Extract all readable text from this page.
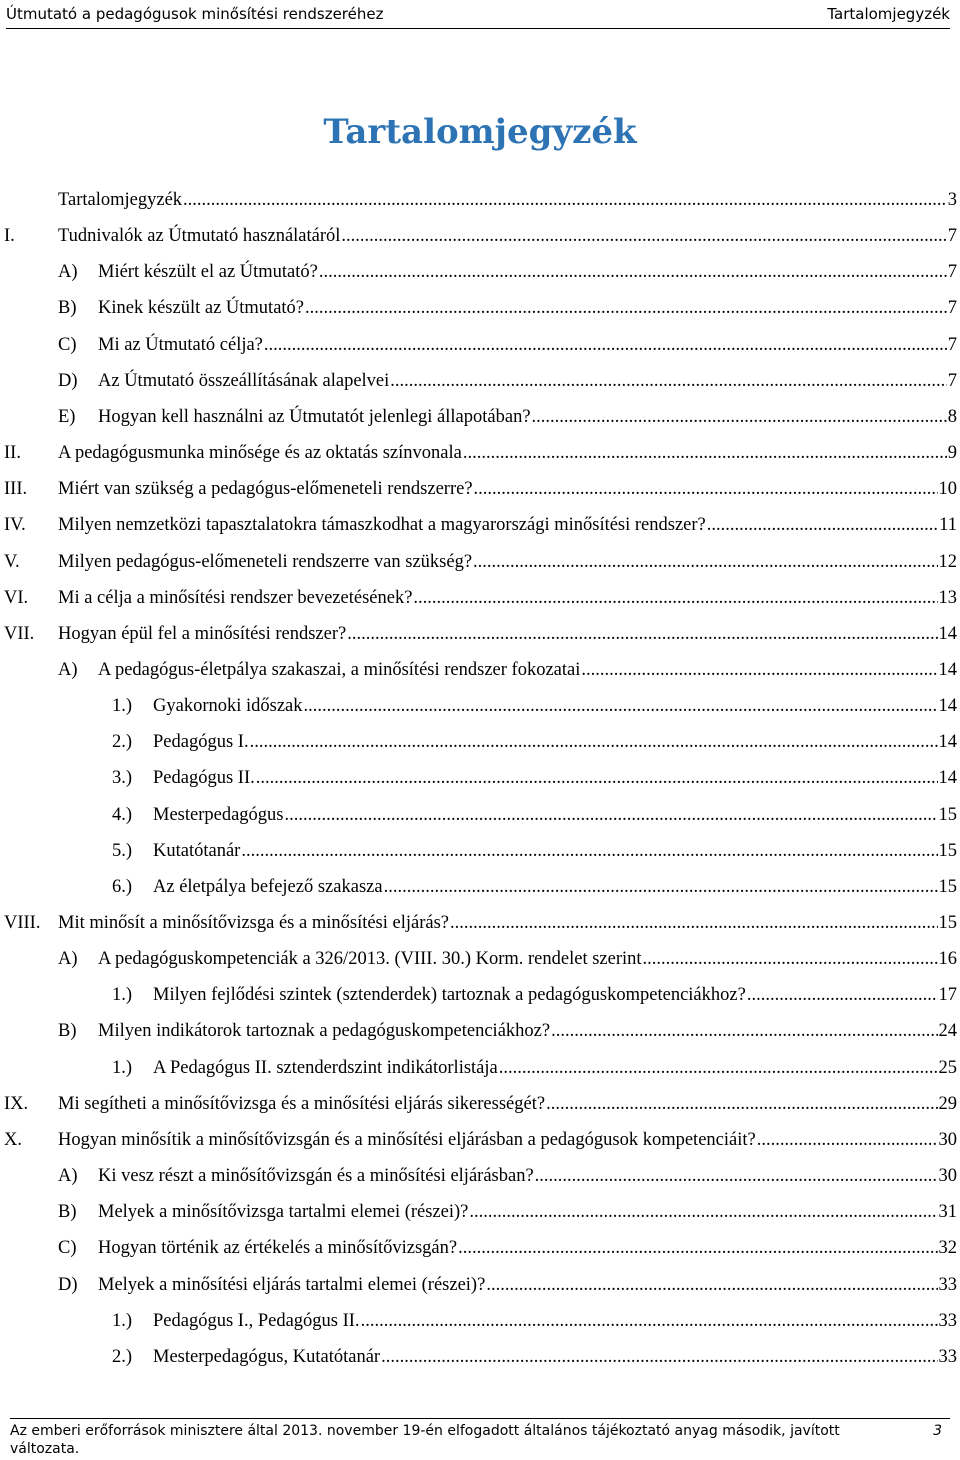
Útmutató a pedagógusok minősítési rendszeréhez	Tartalomjegyzék
Tartalomjegyzék
Tartalomjegyzék .....	3
I.	Tudnivalók az Útmutató használatáról .....	7
A)	Miért készült el az Útmutató? .....	7
B)	Kinek készült az Útmutató? .....	7
C)	Mi az Útmutató célja? .....	7
D)	Az Útmutató összeállításának alapelvei .....	7
E)	Hogyan kell használni az Útmutatót jelenlegi állapotában? .....	8
II.	A pedagógusmunka minősége és az oktatás színvonala .....	9
III.	Miért van szükség a pedagógus-előmeneteli rendszerre? .....	10
IV.	Milyen nemzetközi tapasztalatokra támaszkodhat a magyarországi minősítési rendszer? .....	11
V.	Milyen pedagógus-előmeneteli rendszerre van szükség? .....	12
VI.	Mi a célja a minősítési rendszer bevezetésének? .....	13
VII.	Hogyan épül fel a minősítési rendszer? .....	14
A)	A pedagógus-életpálya szakaszai, a minősítési rendszer fokozatai .....	14
1.)	Gyakornoki időszak .....	14
2.)	Pedagógus I. .....	14
3.)	Pedagógus II. .....	14
4.)	Mesterpedagógus .....	15
5.)	Kutatótanár .....	15
6.)	Az életpálya befejező szakasza .....	15
VIII. Mit minősít a minősítővizsga és a minősítési eljárás? .....	15
A)	A pedagóguskompetenciák a 326/2013. (VIII. 30.) Korm. rendelet szerint .....	16
1.)	Milyen fejlődési szintek (sztenderdek) tartoznak a pedagóguskompetenciákhoz? .....	17
B)	Milyen indikátorok tartoznak a pedagóguskompetenciákhoz? .....	24
1.)	A Pedagógus II. sztenderdszint indikátorlistája .....	25
IX.	Mi segítheti a minősítővizsga és a minősítési eljárás sikerességét? .....	29
X.	Hogyan minősítik a minősítővizsgán és a minősítési eljárásban a pedagógusok kompetenciáit? .....	30
A)	Ki vesz részt a minősítővizsgán és a minősítési eljárásban? .....	30
B)	Melyek a minősítővizsga tartalmi elemei (részei)? .....	31
C)	Hogyan történik az értékelés a minősítővizsgán? .....	32
D)	Melyek a minősítési eljárás tartalmi elemei (részei)? .....	33
1.)	Pedagógus I., Pedagógus II. .....	33
2.)	Mesterpedagógus, Kutatótanár .....	33
Az emberi erőforrások minisztere által 2013. november 19-én elfogadott általános tájékoztató anyag második, javított változata.
3
